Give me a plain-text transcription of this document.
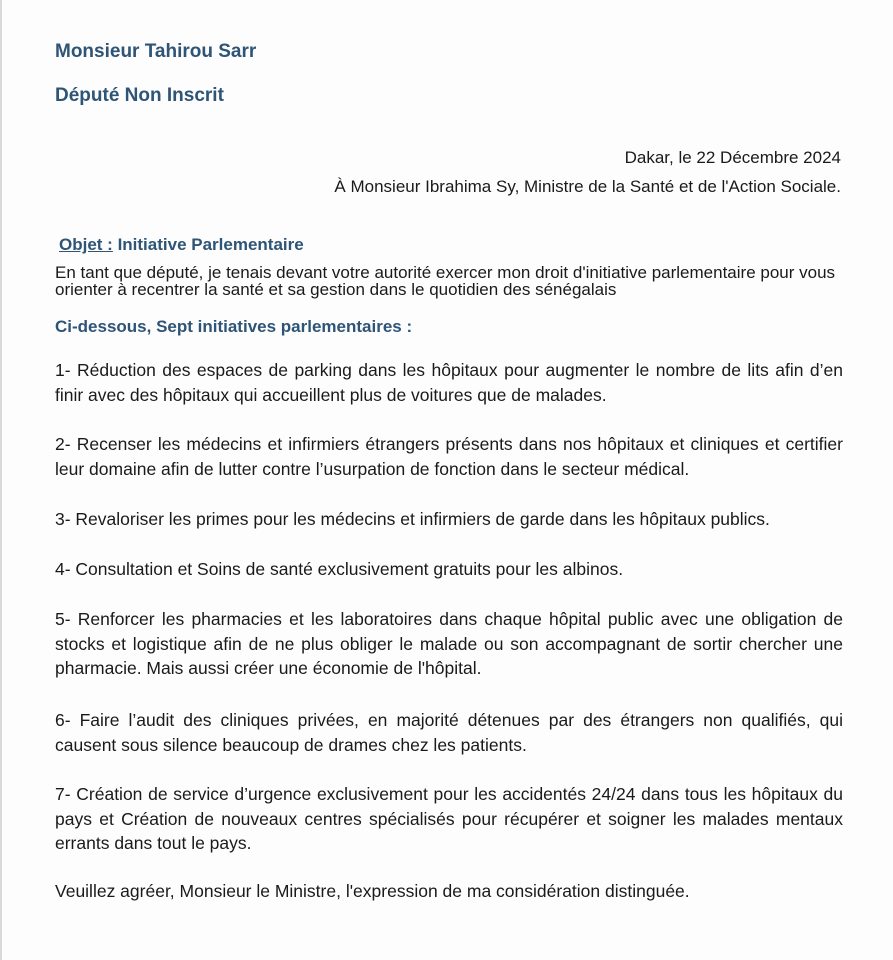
Monsieur Tahirou Sarr
Député Non Inscrit
Dakar, le 22 Décembre 2024
À Monsieur Ibrahima Sy, Ministre de la Santé et de l'Action Sociale.
Objet : Initiative Parlementaire
En tant que député, je tenais devant votre autorité exercer mon droit d'initiative parlementaire pour vous orienter à recentrer la santé et sa gestion dans le quotidien des sénégalais
Ci-dessous, Sept initiatives parlementaires :
1- Réduction des espaces de parking dans les hôpitaux pour augmenter le nombre de lits afin d’en finir avec des hôpitaux qui accueillent plus de voitures que de malades.
2- Recenser les médecins et infirmiers étrangers présents dans nos hôpitaux et cliniques et certifier leur domaine afin de lutter contre l’usurpation de fonction dans le secteur médical.
3- Revaloriser les primes pour les médecins et infirmiers de garde dans les hôpitaux publics.
4- Consultation et Soins de santé exclusivement gratuits pour les albinos.
5- Renforcer les pharmacies et les laboratoires dans chaque hôpital public avec une obligation de stocks et logistique afin de ne plus obliger le malade ou son accompagnant de sortir chercher une pharmacie. Mais aussi créer une économie de l'hôpital.
6- Faire l’audit des cliniques privées, en majorité détenues par des étrangers non qualifiés, qui causent sous silence beaucoup de drames chez les patients.
7- Création de service d’urgence exclusivement pour les accidentés 24/24 dans tous les hôpitaux du pays et Création de nouveaux centres spécialisés pour récupérer et soigner les malades mentaux errants dans tout le pays.
Veuillez agréer, Monsieur le Ministre, l'expression de ma considération distinguée.
